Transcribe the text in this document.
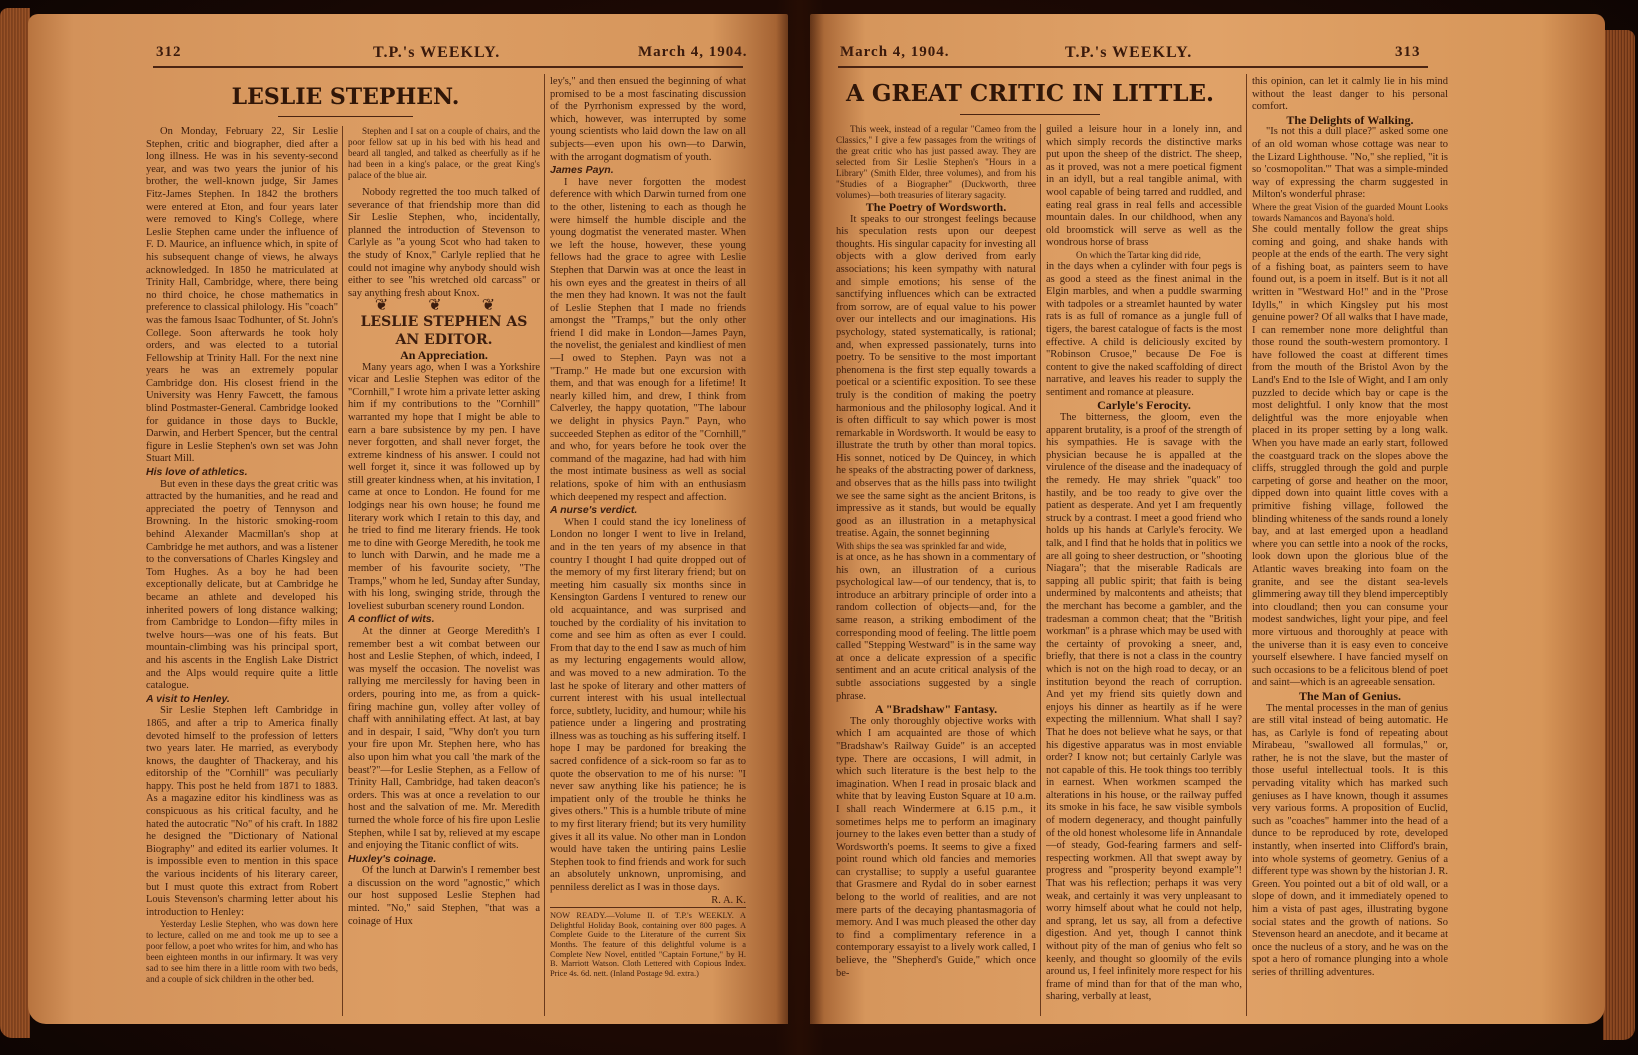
312	T.P.'s WEEKLY.	March 4, 1904.
LESLIE STEPHEN.

On Monday, February 22, Sir Leslie Stephen, critic and biographer, died after a long illness. He was in his seventy-second year, and was two years the junior of his brother, the well-known judge, Sir James Fitz-James Stephen. In 1842 the brothers were entered at Eton, and four years later were removed to King's College, where Leslie Stephen came under the influence of F. D. Maurice, an influence which, in spite of his subsequent change of views, he always acknowledged. In 1850 he matriculated at Trinity Hall, Cambridge, where, there being no third choice, he chose mathematics in preference to classical philology. His "coach" was the famous Isaac Todhunter, of St. John's College. Soon afterwards he took holy orders, and was elected to a tutorial Fellowship at Trinity Hall. For the next nine years he was an extremely popular Cambridge don. His closest friend in the University was Henry Fawcett, the famous blind Postmaster-General. Cambridge looked for guidance in those days to Buckle, Darwin, and Herbert Spencer, but the central figure in Leslie Stephen's own set was John Stuart Mill.

His love of athletics.

But even in these days the great critic was attracted by the humanities, and he read and appreciated the poetry of Tennyson and Browning. In the historic smoking-room behind Alexander Macmillan's shop at Cambridge he met authors, and was a listener to the conversations of Charles Kingsley and Tom Hughes. As a boy he had been exceptionally delicate, but at Cambridge he became an athlete and developed his inherited powers of long distance walking; from Cambridge to London—fifty miles in twelve hours—was one of his feats. But mountain-climbing was his principal sport, and his ascents in the English Lake District and the Alps would require quite a little catalogue.

A visit to Henley.

Sir Leslie Stephen left Cambridge in 1865, and after a trip to America finally devoted himself to the profession of letters two years later. He married, as everybody knows, the daughter of Thackeray, and his editorship of the "Cornhill" was peculiarly happy. This post he held from 1871 to 1883. As a magazine editor his kindliness was as conspicuous as his critical faculty, and he hated the autocratic "No" of his craft. In 1882 he designed the "Dictionary of National Biography" and edited its earlier volumes. It is impossible even to mention in this space the various incidents of his literary career, but I must quote this extract from Robert Louis Stevenson's charming letter about his introduction to Henley:

Yesterday Leslie Stephen, who was down here to lecture, called on me and took me up to see a poor fellow, a poet who writes for him, and who has been eighteen months in our infirmary. It was very sad to see him there in a little room with two beds, and a couple of sick children in the other bed.

Stephen and I sat on a couple of chairs, and the poor fellow sat up in his bed with his head and beard all tangled, and talked as cheerfully as if he had been in a king's palace, or the great King's palace of the blue air.

Nobody regretted the too much talked of severance of that friendship more than did Sir Leslie Stephen, who, incidentally, planned the introduction of Stevenson to Carlyle as "a young Scot who had taken to the study of Knox," Carlyle replied that he could not imagine why anybody should wish either to see "his wretched old carcass" or say anything fresh about Knox.

❦ ❦ ❦

LESLIE STEPHEN AS AN EDITOR.

An Appreciation.

Many years ago, when I was a Yorkshire vicar and Leslie Stephen was editor of the "Cornhill," I wrote him a private letter asking him if my contributions to the "Cornhill" warranted my hope that I might be able to earn a bare subsistence by my pen. I have never forgotten, and shall never forget, the extreme kindness of his answer. I could not well forget it, since it was followed up by still greater kindness when, at his invitation, I came at once to London. He found for me lodgings near his own house; he found me literary work which I retain to this day, and he tried to find me literary friends. He took me to dine with George Meredith, he took me to lunch with Darwin, and he made me a member of his favourite society, "The Tramps," whom he led, Sunday after Sunday, with his long, swinging stride, through the loveliest suburban scenery round London.

A conflict of wits.

At the dinner at George Meredith's I remember best a wit combat between our host and Leslie Stephen, of which, indeed, I was myself the occasion. The novelist was rallying me mercilessly for having been in orders, pouring into me, as from a quick-firing machine gun, volley after volley of chaff with annihilating effect. At last, at bay and in despair, I said, "Why don't you turn your fire upon Mr. Stephen here, who has also upon him what you call 'the mark of the beast'?"—for Leslie Stephen, as a Fellow of Trinity Hall, Cambridge, had taken deacon's orders. This was at once a revelation to our host and the salvation of me. Mr. Meredith turned the whole force of his fire upon Leslie Stephen, while I sat by, relieved at my escape and enjoying the Titanic conflict of wits.

Huxley's coinage.

Of the lunch at Darwin's I remember best a discussion on the word "agnostic," which our host supposed Leslie Stephen had minted. "No," said Stephen, "that was a coinage of Hux

ley's," and then ensued the beginning of what promised to be a most fascinating discussion of the Pyrrhonism expressed by the word, which, however, was interrupted by some young scientists who laid down the law on all subjects—even upon his own—to Darwin, with the arrogant dogmatism of youth.

James Payn.

I have never forgotten the modest deference with which Darwin turned from one to the other, listening to each as though he were himself the humble disciple and the young dogmatist the venerated master. When we left the house, however, these young fellows had the grace to agree with Leslie Stephen that Darwin was at once the least in his own eyes and the greatest in theirs of all the men they had known. It was not the fault of Leslie Stephen that I made no friends amongst the "Tramps," but the only other friend I did make in London—James Payn, the novelist, the genialest and kindliest of men—I owed to Stephen. Payn was not a "Tramp." He made but one excursion with them, and that was enough for a lifetime! It nearly killed him, and drew, I think from Calverley, the happy quotation, "The labour we delight in physics Payn." Payn, who succeeded Stephen as editor of the "Cornhill," and who, for years before he took over the command of the magazine, had had with him the most intimate business as well as social relations, spoke of him with an enthusiasm which deepened my respect and affection.

A nurse's verdict.

When I could stand the icy loneliness of London no longer I went to live in Ireland, and in the ten years of my absence in that country I thought I had quite dropped out of the memory of my first literary friend; but on meeting him casually six months since in Kensington Gardens I ventured to renew our old acquaintance, and was surprised and touched by the cordiality of his invitation to come and see him as often as ever I could. From that day to the end I saw as much of him as my lecturing engagements would allow, and was moved to a new admiration. To the last he spoke of literary and other matters of current interest with his usual intellectual force, subtlety, lucidity, and humour; while his patience under a lingering and prostrating illness was as touching as his suffering itself. I hope I may be pardoned for breaking the sacred confidence of a sick-room so far as to quote the observation to me of his nurse: "I never saw anything like his patience; he is impatient only of the trouble he thinks he gives others." This is a humble tribute of mine to my first literary friend; but its very humility gives it all its value. No other man in London would have taken the untiring pains Leslie Stephen took to find friends and work for such an absolutely unknown, unpromising, and penniless derelict as I was in those days.

R. A. K.

NOW READY.—Volume II. of T.P.'s WEEKLY. A Delightful Holiday Book, containing over 800 pages. A Complete Guide to the Literature of the current Six Months. The feature of this delightful volume is a Complete New Novel, entitled "Captain Fortune," by H. B. Marriott Watson. Cloth Lettered with Copious Index. Price 4s. 6d. nett. (Inland Postage 9d. extra.)

March 4, 1904.	T.P.'s WEEKLY.	313
A GREAT CRITIC IN LITTLE.

This week, instead of a regular "Cameo from the Classics," I give a few passages from the writings of the great critic who has just passed away. They are selected from Sir Leslie Stephen's "Hours in a Library" (Smith Elder, three volumes), and from his "Studies of a Biographer" (Duckworth, three volumes)—both treasuries of literary sagacity.

The Poetry of Wordsworth.

It speaks to our strongest feelings because his speculation rests upon our deepest thoughts. His singular capacity for investing all objects with a glow derived from early associations; his keen sympathy with natural and simple emotions; his sense of the sanctifying influences which can be extracted from sorrow, are of equal value to his power over our intellects and our imaginations. His psychology, stated systematically, is rational; and, when expressed passionately, turns into poetry. To be sensitive to the most important phenomena is the first step equally towards a poetical or a scientific exposition. To see these truly is the condition of making the poetry harmonious and the philosophy logical. And it is often difficult to say which power is most remarkable in Wordsworth. It would be easy to illustrate the truth by other than moral topics. His sonnet, noticed by De Quincey, in which he speaks of the abstracting power of darkness, and observes that as the hills pass into twilight we see the same sight as the ancient Britons, is impressive as it stands, but would be equally good as an illustration in a metaphysical treatise. Again, the sonnet beginning

With ships the sea was sprinkled far and wide,

is at once, as he has shown in a commentary of his own, an illustration of a curious psychological law—of our tendency, that is, to introduce an arbitrary principle of order into a random collection of objects—and, for the same reason, a striking embodiment of the corresponding mood of feeling. The little poem called "Stepping Westward" is in the same way at once a delicate expression of a specific sentiment and an acute critical analysis of the subtle associations suggested by a single phrase.

A "Bradshaw" Fantasy.

The only thoroughly objective works with which I am acquainted are those of which "Bradshaw's Railway Guide" is an accepted type. There are occasions, I will admit, in which such literature is the best help to the imagination. When I read in prosaic black and white that by leaving Euston Square at 10 a.m. I shall reach Windermere at 6.15 p.m., it sometimes helps me to perform an imaginary journey to the lakes even better than a study of Wordsworth's poems. It seems to give a fixed point round which old fancies and memories can crystallise; to supply a useful guarantee that Grasmere and Rydal do in sober earnest belong to the world of realities, and are not mere parts of the decaying phantasmagoria of memory. And I was much pleased the other day to find a complimentary reference in a contemporary essayist to a lively work called, I believe, the "Shepherd's Guide," which once be-

guiled a leisure hour in a lonely inn, and which simply records the distinctive marks put upon the sheep of the district. The sheep, as it proved, was not a mere poetical figment in an idyll, but a real tangible animal, with wool capable of being tarred and ruddled, and eating real grass in real fells and accessible mountain dales. In our childhood, when any old broomstick will serve as well as the wondrous horse of brass

On which the Tartar king did ride,

in the days when a cylinder with four pegs is as good a steed as the finest animal in the Elgin marbles, and when a puddle swarming with tadpoles or a streamlet haunted by water rats is as full of romance as a jungle full of tigers, the barest catalogue of facts is the most effective. A child is deliciously excited by "Robinson Crusoe," because De Foe is content to give the naked scaffolding of direct narrative, and leaves his reader to supply the sentiment and romance at pleasure.

Carlyle's Ferocity.

The bitterness, the gloom, even the apparent brutality, is a proof of the strength of his sympathies. He is savage with the physician because he is appalled at the virulence of the disease and the inadequacy of the remedy. He may shriek "quack" too hastily, and be too ready to give over the patient as desperate. And yet I am frequently struck by a contrast. I meet a good friend who holds up his hands at Carlyle's ferocity. We talk, and I find that he holds that in politics we are all going to sheer destruction, or "shooting Niagara"; that the miserable Radicals are sapping all public spirit; that faith is being undermined by malcontents and atheists; that the merchant has become a gambler, and the tradesman a common cheat; that the "British workman" is a phrase which may be used with the certainty of provoking a sneer, and, briefly, that there is not a class in the country which is not on the high road to decay, or an institution beyond the reach of corruption. And yet my friend sits quietly down and enjoys his dinner as heartily as if he were expecting the millennium. What shall I say? That he does not believe what he says, or that his digestive apparatus was in most enviable order? I know not; but certainly Carlyle was not capable of this. He took things too terribly in earnest. When workmen scamped the alterations in his house, or the railway puffed its smoke in his face, he saw visible symbols of modern degeneracy, and thought painfully of the old honest wholesome life in Annandale—of steady, God-fearing farmers and self-respecting workmen. All that swept away by progress and "prosperity beyond example"! That was his reflection; perhaps it was very weak, and certainly it was very unpleasant to worry himself about what he could not help, and sprang, let us say, all from a defective digestion. And yet, though I cannot think without pity of the man of genius who felt so keenly, and thought so gloomily of the evils around us, I feel infinitely more respect for his frame of mind than for that of the man who, sharing, verbally at least,

this opinion, can let it calmly lie in his mind without the least danger to his personal comfort.

The Delights of Walking.

"Is not this a dull place?" asked some one of an old woman whose cottage was near to the Lizard Lighthouse. "No," she replied, "it is so 'cosmopolitan.'" That was a simple-minded way of expressing the charm suggested in Milton's wonderful phrase:

Where the great Vision of the guarded Mount Looks towards Namancos and Bayona's hold.

She could mentally follow the great ships coming and going, and shake hands with people at the ends of the earth. The very sight of a fishing boat, as painters seem to have found out, is a poem in itself. But is it not all written in "Westward Ho!" and in the "Prose Idylls," in which Kingsley put his most genuine power? Of all walks that I have made, I can remember none more delightful than those round the south-western promontory. I have followed the coast at different times from the mouth of the Bristol Avon by the Land's End to the Isle of Wight, and I am only puzzled to decide which bay or cape is the most delightful. I only know that the most delightful was the more enjoyable when placed in its proper setting by a long walk. When you have made an early start, followed the coastguard track on the slopes above the cliffs, struggled through the gold and purple carpeting of gorse and heather on the moor, dipped down into quaint little coves with a primitive fishing village, followed the blinding whiteness of the sands round a lonely bay, and at last emerged upon a headland where you can settle into a nook of the rocks, look down upon the glorious blue of the Atlantic waves breaking into foam on the granite, and see the distant sea-levels glimmering away till they blend imperceptibly into cloudland; then you can consume your modest sandwiches, light your pipe, and feel more virtuous and thoroughly at peace with the universe than it is easy even to conceive yourself elsewhere. I have fancied myself on such occasions to be a felicitous blend of poet and saint—which is an agreeable sensation.

The Man of Genius.

The mental processes in the man of genius are still vital instead of being automatic. He has, as Carlyle is fond of repeating about Mirabeau, "swallowed all formulas," or, rather, he is not the slave, but the master of those useful intellectual tools. It is this pervading vitality which has marked such geniuses as I have known, though it assumes very various forms. A proposition of Euclid, such as "coaches" hammer into the head of a dunce to be reproduced by rote, developed instantly, when inserted into Clifford's brain, into whole systems of geometry. Genius of a different type was shown by the historian J. R. Green. You pointed out a bit of old wall, or a slope of down, and it immediately opened to him a vista of past ages, illustrating bygone social states and the growth of nations. So Stevenson heard an anecdote, and it became at once the nucleus of a story, and he was on the spot a hero of romance plunging into a whole series of thrilling adventures.
